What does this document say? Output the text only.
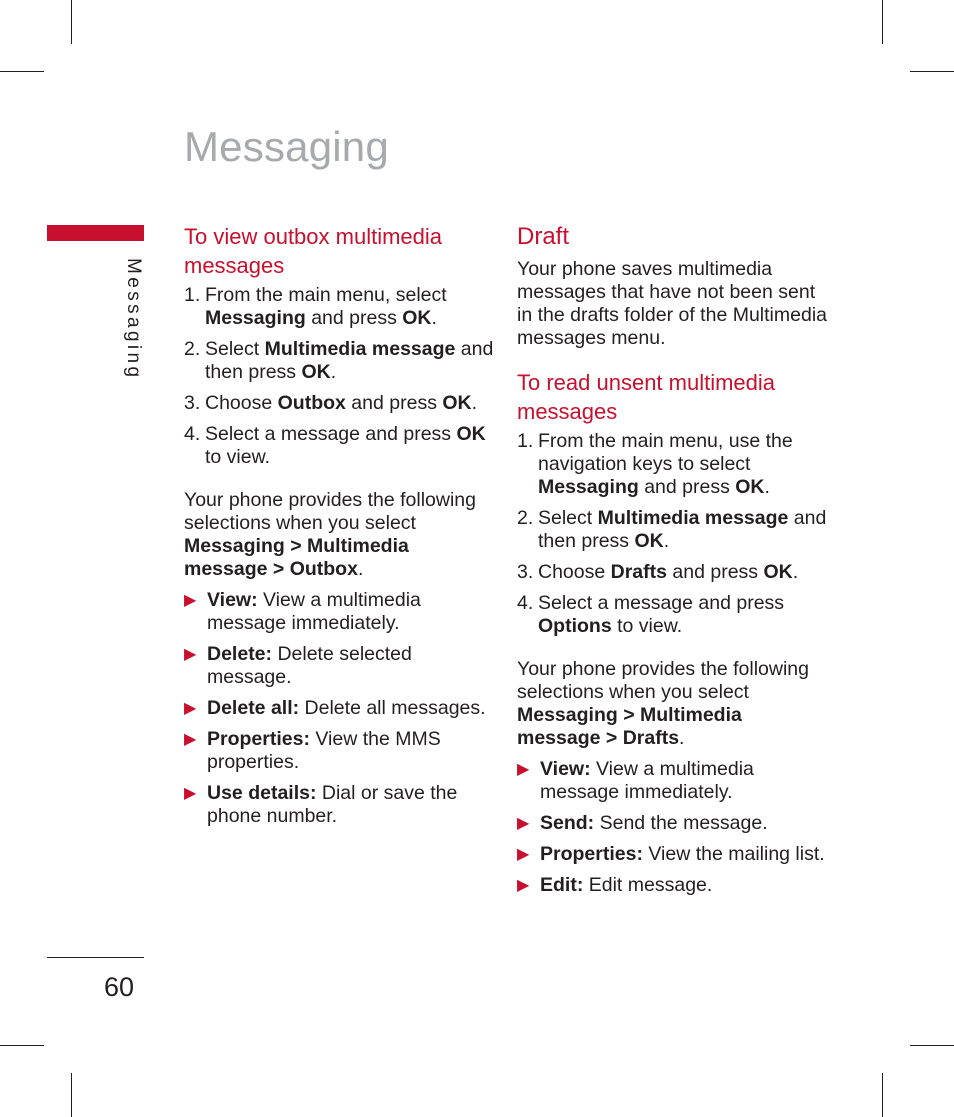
Messaging
Messaging
60
To view outbox multimedia messages
1. From the main menu, select Messaging and press OK.
2. Select Multimedia message and then press OK.
3. Choose Outbox and press OK.
4. Select a message and press OK to view.

Your phone provides the following selections when you select Messaging > Multimedia message > Outbox.

▶ View: View a multimedia message immediately.
▶ Delete: Delete selected message.
▶ Delete all: Delete all messages.
▶ Properties: View the MMS properties.
▶ Use details: Dial or save the phone number.
Draft

Your phone saves multimedia messages that have not been sent in the drafts folder of the Multimedia messages menu.

To read unsent multimedia messages
1. From the main menu, use the navigation keys to select Messaging and press OK.
2. Select Multimedia message and then press OK.
3. Choose Drafts and press OK.
4. Select a message and press Options to view.

Your phone provides the following selections when you select Messaging > Multimedia message > Drafts.

▶ View: View a multimedia message immediately.
▶ Send: Send the message.
▶ Properties: View the mailing list.
▶ Edit: Edit message.
